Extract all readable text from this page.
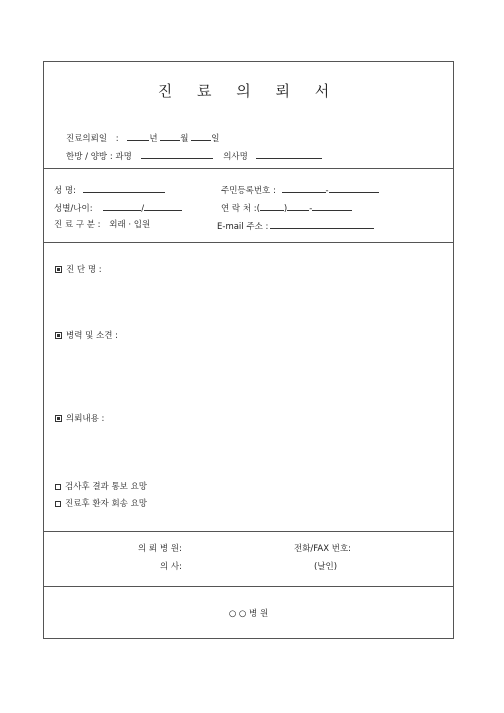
진 료 의 뢰 서
진료의뢰일 :	년	월	일
한방 / 양방 : 과명	의사명
성 명:	주민등록번호 :	-
성별/나이:	/	연 락 처 :(	)	-
진 료 구 분 : 외래 · 입원	E-mail 주소 :
진 단 명 :
병력 및 소견 :
의뢰내용 :
검사후 결과 통보 요망
진료후 환자 회송 요망
의 뢰 병 원:	전화/FAX 번호:
의 사:	(날인)
○ ○ 병 원
